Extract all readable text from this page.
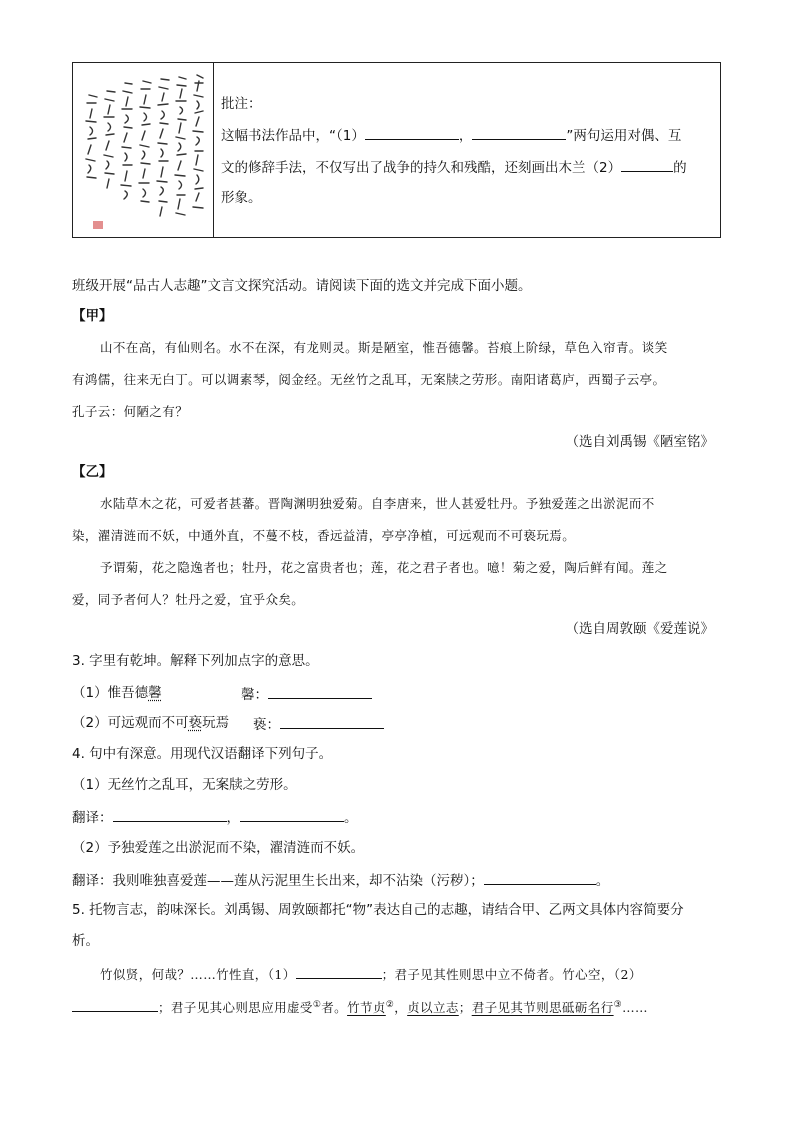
批注：
这幅书法作品中，“（1）	，	”两句运用对偶、互
文的修辞手法，不仅写出了战争的持久和残酷，还刻画出木兰（2）	的
形象。
班级开展“品古人志趣”文言文探究活动。请阅读下面的选文并完成下面小题。
【甲】
山不在高，有仙则名。水不在深，有龙则灵。斯是陋室，惟吾德馨。苔痕上阶绿，草色入帘青。谈笑
有鸿儒，往来无白丁。可以调素琴，阅金经。无丝竹之乱耳，无案牍之劳形。南阳诸葛庐，西蜀子云亭。
孔子云：何陋之有？
（选自刘禹锡《陋室铭》
【乙】
水陆草木之花，可爱者甚蕃。晋陶渊明独爱菊。自李唐来，世人甚爱牡丹。予独爱莲之出淤泥而不
染，濯清涟而不妖，中通外直，不蔓不枝，香远益清，亭亭净植，可远观而不可亵玩焉。
予谓菊，花之隐逸者也；牡丹，花之富贵者也；莲，花之君子者也。噫！菊之爱，陶后鲜有闻。莲之
爱，同予者何人？牡丹之爱，宜乎众矣。
（选自周敦颐《爱莲说》
3. 字里有乾坤。解释下列加点字的意思。
（1）惟吾德馨	馨：
（2）可远观而不可亵玩焉 亵：
4. 句中有深意。用现代汉语翻译下列句子。
（1）无丝竹之乱耳，无案牍之劳形。
翻译：	，	。
（2）予独爱莲之出淤泥而不染，濯清涟而不妖。
翻译：我则唯独喜爱莲——莲从污泥里生长出来，却不沾染（污秽）；	。
5. 托物言志，韵味深长。刘禹锡、周敦颐都托“物”表达自己的志趣，请结合甲、乙两文具体内容简要分
析。
竹似贤，何哉？……竹性直，（1）	；君子见其性则思中立不倚者。竹心空，（2）
；君子见其心则思应用虚受①者。竹节贞②，贞以立志；君子见其节则思砥砺名行③……
